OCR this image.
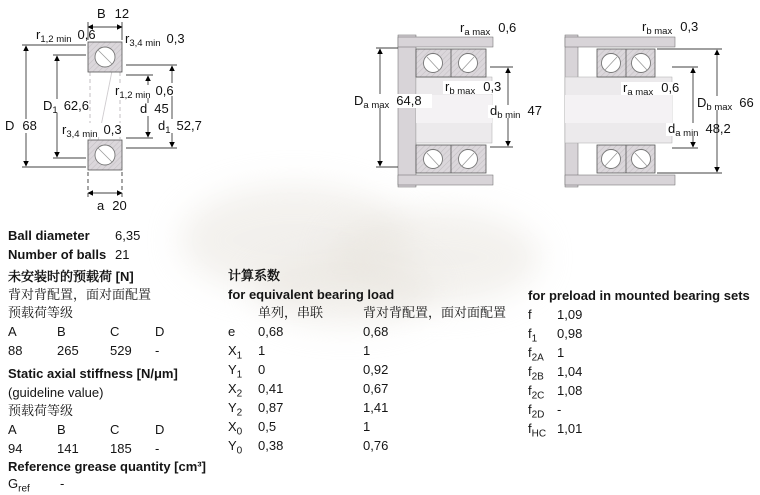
B 12
$r_{1,2 min}$ 0,6 $r_{3,4 min}$ 0,3
D 68
$D_1$ 62,6
$r_{1,2 min}$ 0,6
d 45
$d_1$ 52,7
$r_{3,4 min}$ 0,3
a 20
$r_{a max}$ 0,6
$D_{a max}$ 64,8
$r_{b max}$ 0,3
$d_{b min}$ 47
$r_{b max}$ 0,3
$r_{a max}$ 0,6
$D_{b max}$ 66
$d_{a min}$ 48,2
Ball diameter	6,35
Number of balls 21
未安装时的预载荷 [N]
背对背配置，面对面配置
预载荷等级
A	B	C	D
88	265	529	-
Static axial stiffness [N/μm]
(guideline value)
预载荷等级
A	B	C	D
94	141	185	-
Reference grease quantity [cm³]
$G_{ref}$	-
计算系数
for equivalent bearing load
单列，串联	背对背配置，面对面配置
e	0,68	0,68
$X_1$	1	1
$Y_1$	0	0,92
$X_2$	0,41	0,67
$Y_2$	0,87	1,41
$X_0$	0,5	1
$Y_0$	0,38	0,76
for preload in mounted bearing sets
f	1,09
$f_1$	0,98
$f_{2A}$	1
$f_{2B}$	1,04
$f_{2C}$ 1,08
$f_{2D}$ -
$f_{HC}$ 1,01
